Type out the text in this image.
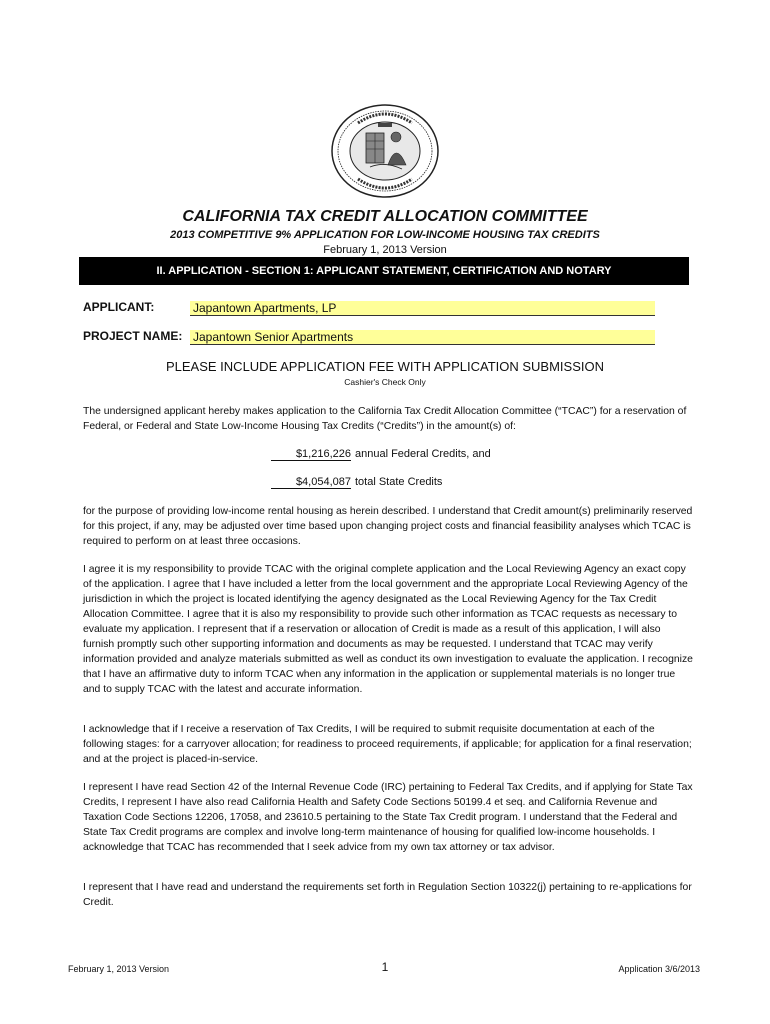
CALIFORNIA TAX CREDIT ALLOCATION COMMITTEE
2013 COMPETITIVE 9% APPLICATION FOR LOW-INCOME HOUSING TAX CREDITS
February 1, 2013 Version
II. APPLICATION - SECTION 1: APPLICANT STATEMENT, CERTIFICATION AND NOTARY
APPLICANT:	Japantown Apartments, LP
PROJECT NAME: Japantown Senior Apartments
PLEASE INCLUDE APPLICATION FEE WITH APPLICATION SUBMISSION
Cashier's Check Only

The undersigned applicant hereby makes application to the California Tax Credit Allocation Committee (“TCAC”) for a reservation of Federal, or Federal and State Low-Income Housing Tax Credits (“Credits”) in the amount(s) of:

$1,216,226 annual Federal Credits, and
$4,054,087 total State Credits

for the purpose of providing low-income rental housing as herein described. I understand that Credit amount(s) preliminarily reserved for this project, if any, may be adjusted over time based upon changing project costs and financial feasibility analyses which TCAC is required to perform on at least three occasions.

I agree it is my responsibility to provide TCAC with the original complete application and the Local Reviewing Agency an exact copy of the application. I agree that I have included a letter from the local government and the appropriate Local Reviewing Agency of the jurisdiction in which the project is located identifying the agency designated as the Local Reviewing Agency for the Tax Credit Allocation Committee. I agree that it is also my responsibility to provide such other information as TCAC requests as necessary to evaluate my application. I represent that if a reservation or allocation of Credit is made as a result of this application, I will also furnish promptly such other supporting information and documents as may be requested. I understand that TCAC may verify information provided and analyze materials submitted as well as conduct its own investigation to evaluate the application. I recognize that I have an affirmative duty to inform TCAC when any information in the application or supplemental materials is no longer true and to supply TCAC with the latest and accurate information.

I acknowledge that if I receive a reservation of Tax Credits, I will be required to submit requisite documentation at each of the following stages: for a carryover allocation; for readiness to proceed requirements, if applicable; for application for a final reservation; and at the project is placed-in-service.

I represent I have read Section 42 of the Internal Revenue Code (IRC) pertaining to Federal Tax Credits, and if applying for State Tax Credits, I represent I have also read California Health and Safety Code Sections 50199.4 et seq. and California Revenue and Taxation Code Sections 12206, 17058, and 23610.5 pertaining to the State Tax Credit program. I understand that the Federal and State Tax Credit programs are complex and involve long-term maintenance of housing for qualified low-income households. I acknowledge that TCAC has recommended that I seek advice from my own tax attorney or tax advisor.

I represent that I have read and understand the requirements set forth in Regulation Section 10322(j) pertaining to re-applications for Credit.

February 1, 2013 Version	1	Application 3/6/2013
